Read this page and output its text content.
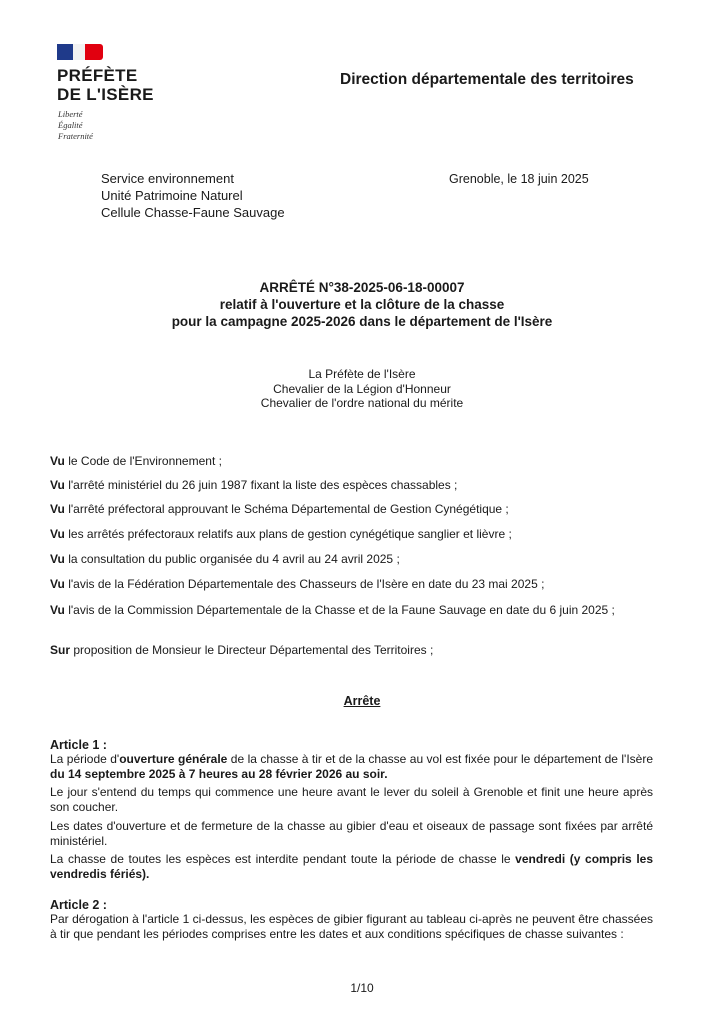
PRÉFÈTE
DE L'ISÈRE
Liberté
Égalité
Fraternité
Direction départementale des territoires
Service environnement
Unité Patrimoine Naturel
Cellule Chasse-Faune Sauvage
Grenoble, le 18 juin 2025
ARRÊTÉ N°38-2025-06-18-00007
relatif à l'ouverture et la clôture de la chasse
pour la campagne 2025-2026 dans le département de l'Isère
La Préfète de l'Isère
Chevalier de la Légion d'Honneur
Chevalier de l'ordre national du mérite
Vu le Code de l'Environnement ;
Vu l'arrêté ministériel du 26 juin 1987 fixant la liste des espèces chassables ;
Vu l'arrêté préfectoral approuvant le Schéma Départemental de Gestion Cynégétique ;
Vu les arrêtés préfectoraux relatifs aux plans de gestion cynégétique sanglier et lièvre ;
Vu la consultation du public organisée du 4 avril au 24 avril 2025 ;
Vu l'avis de la Fédération Départementale des Chasseurs de l'Isère en date du 23 mai 2025 ;
Vu l'avis de la Commission Départementale de la Chasse et de la Faune Sauvage en date du 6 juin 2025 ;
Sur proposition de Monsieur le Directeur Départemental des Territoires ;
Arrête
Article 1 :
La période d'ouverture générale de la chasse à tir et de la chasse au vol est fixée pour le département de l'Isère du 14 septembre 2025 à 7 heures au 28 février 2026 au soir.
Le jour s'entend du temps qui commence une heure avant le lever du soleil à Grenoble et finit une heure après son coucher.
Les dates d'ouverture et de fermeture de la chasse au gibier d'eau et oiseaux de passage sont fixées par arrêté ministériel.
La chasse de toutes les espèces est interdite pendant toute la période de chasse le vendredi (y compris les vendredis fériés).
Article 2 :
Par dérogation à l'article 1 ci-dessus, les espèces de gibier figurant au tableau ci-après ne peuvent être chassées à tir que pendant les périodes comprises entre les dates et aux conditions spécifiques de chasse suivantes :
1/10
